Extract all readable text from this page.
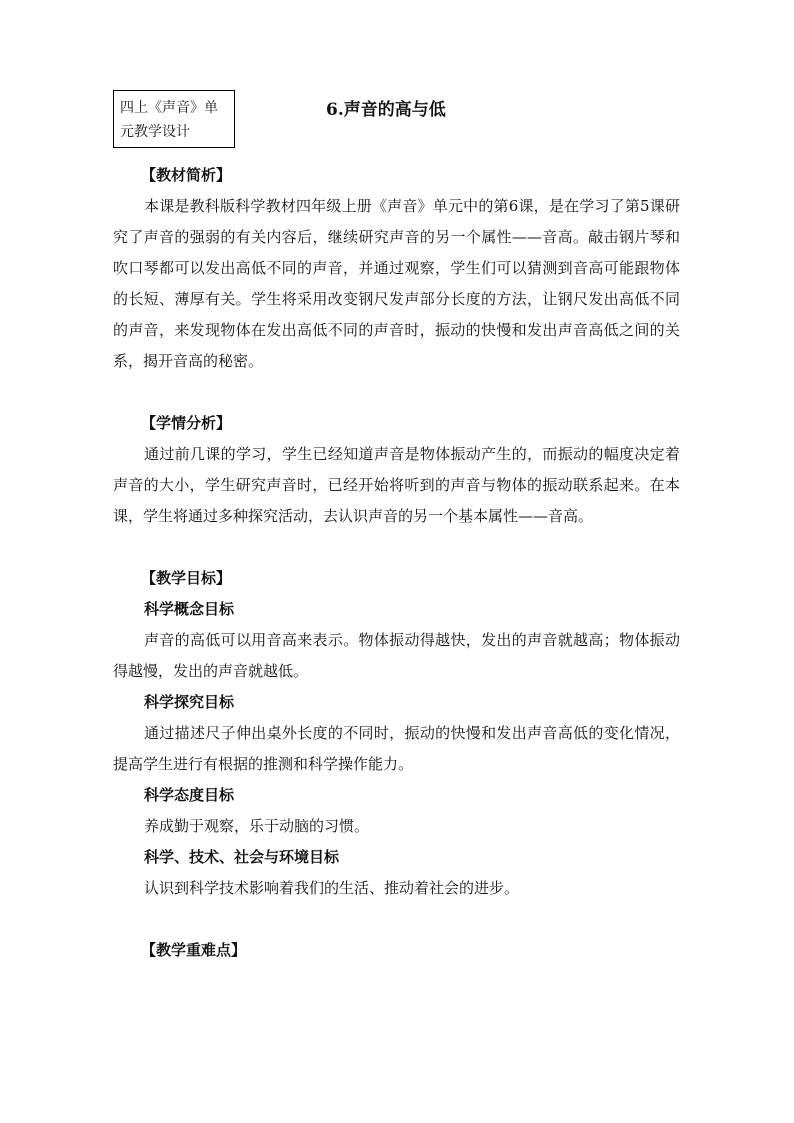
四上《声音》单
元教学设计
6.声音的高与低

【教材简析】

本课是教科版科学教材四年级上册《声音》单元中的第6课，是在学习了第5课研究了声音的强弱的有关内容后，继续研究声音的另一个属性——音高。敲击钢片琴和吹口琴都可以发出高低不同的声音，并通过观察，学生们可以猜测到音高可能跟物体的长短、薄厚有关。学生将采用改变钢尺发声部分长度的方法，让钢尺发出高低不同的声音，来发现物体在发出高低不同的声音时，振动的快慢和发出声音高低之间的关系，揭开音高的秘密。

【学情分析】

通过前几课的学习，学生已经知道声音是物体振动产生的，而振动的幅度决定着声音的大小，学生研究声音时，已经开始将听到的声音与物体的振动联系起来。在本课，学生将通过多种探究活动，去认识声音的另一个基本属性——音高。

【教学目标】

科学概念目标

声音的高低可以用音高来表示。物体振动得越快，发出的声音就越高；物体振动得越慢，发出的声音就越低。

科学探究目标

通过描述尺子伸出桌外长度的不同时，振动的快慢和发出声音高低的变化情况，提高学生进行有根据的推测和科学操作能力。

科学态度目标

养成勤于观察，乐于动脑的习惯。

科学、技术、社会与环境目标

认识到科学技术影响着我们的生活、推动着社会的进步。

【教学重难点】
